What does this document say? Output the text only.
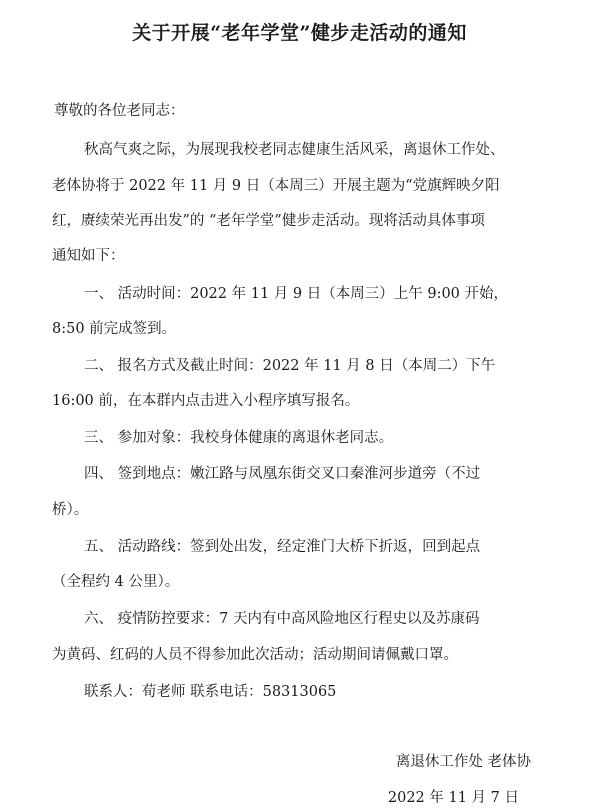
关于开展“老年学堂”健步走活动的通知
尊敬的各位老同志：
秋高气爽之际，为展现我校老同志健康生活风采，离退休工作处、
老体协将于 2022 年 11 月 9 日（本周三）开展主题为“党旗辉映夕阳
红，赓续荣光再出发”的 “老年学堂”健步走活动。现将活动具体事项
通知如下：
一、 活动时间：2022 年 11 月 9 日（本周三）上午 9:00 开始，
8:50 前完成签到。
二、 报名方式及截止时间：2022 年 11 月 8 日（本周二）下午
16:00 前，在本群内点击进入小程序填写报名。
三、 参加对象：我校身体健康的离退休老同志。
四、 签到地点：嫩江路与凤凰东街交叉口秦淮河步道旁（不过
桥）。
五、 活动路线：签到处出发，经定淮门大桥下折返，回到起点
（全程约 4 公里）。
六、 疫情防控要求：7 天内有中高风险地区行程史以及苏康码
为黄码、红码的人员不得参加此次活动；活动期间请佩戴口罩。
联系人：荀老师 联系电话：58313065
离退休工作处 老体协
2022 年 11 月 7 日
